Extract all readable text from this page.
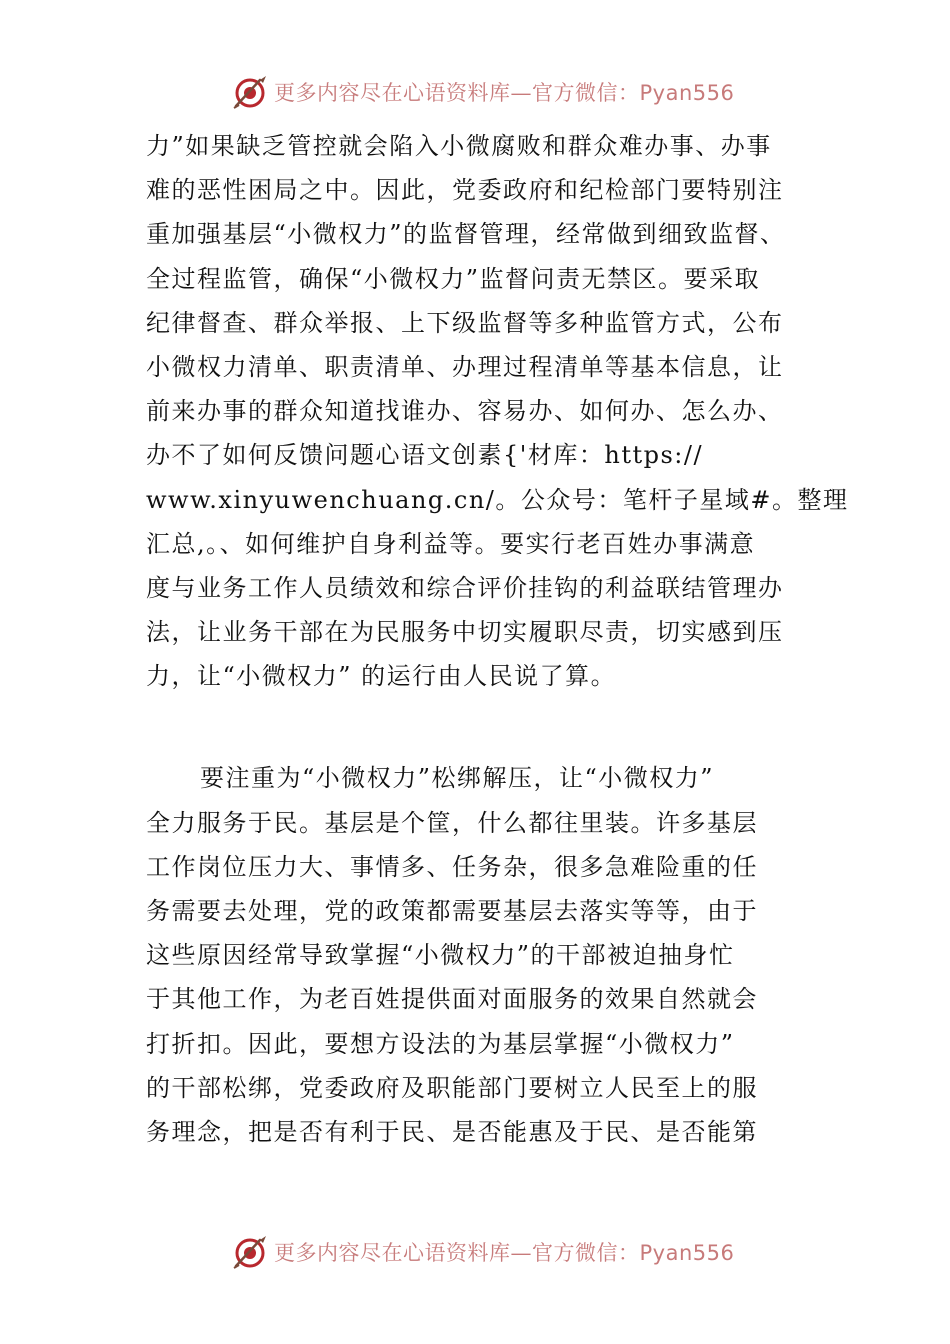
更多内容尽在心语资料库—官方微信：Pyan556
力”如果缺乏管控就会陷入小微腐败和群众难办事、办事
难的恶性困局之中。因此，党委政府和纪检部门要特别注
重加强基层“小微权力”的监督管理，经常做到细致监督、
全过程监管，确保“小微权力”监督问责无禁区。要采取
纪律督查、群众举报、上下级监督等多种监管方式，公布
小微权力清单、职责清单、办理过程清单等基本信息，让
前来办事的群众知道找谁办、容易办、如何办、怎么办、
办不了如何反馈问题心语文创素{'材库：https://
www.xinyuwenchuang.cn/。公众号：笔杆子星域#。整理
汇总,。、如何维护自身利益等。要实行老百姓办事满意
度与业务工作人员绩效和综合评价挂钩的利益联结管理办
法，让业务干部在为民服务中切实履职尽责，切实感到压
力，让“小微权力” 的运行由人民说了算。
要注重为“小微权力”松绑解压，让“小微权力”
全力服务于民。基层是个筐，什么都往里装。许多基层
工作岗位压力大、事情多、任务杂，很多急难险重的任
务需要去处理，党的政策都需要基层去落实等等，由于
这些原因经常导致掌握“小微权力”的干部被迫抽身忙
于其他工作，为老百姓提供面对面服务的效果自然就会
打折扣。因此，要想方设法的为基层掌握“小微权力”
的干部松绑，党委政府及职能部门要树立人民至上的服
务理念，把是否有利于民、是否能惠及于民、是否能第
更多内容尽在心语资料库—官方微信：Pyan556
